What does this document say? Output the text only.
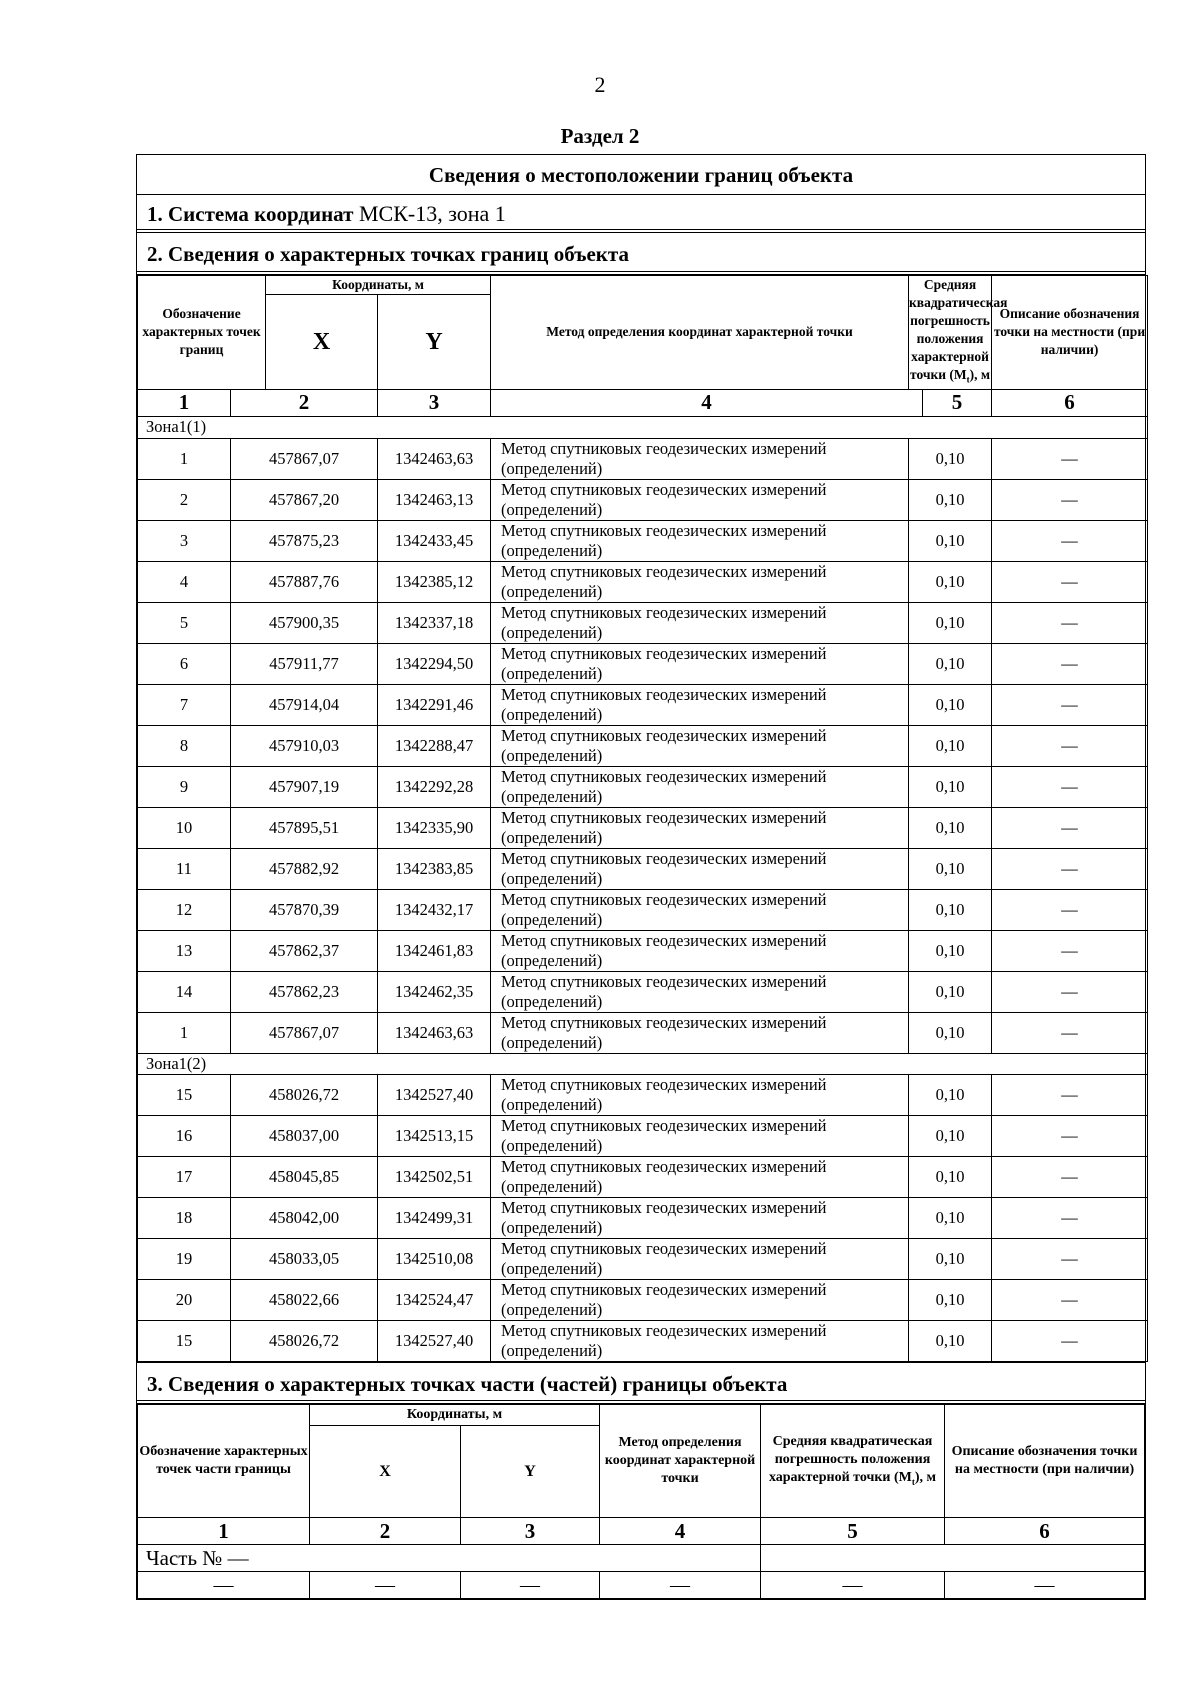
2
Раздел 2
Сведения о местоположении границ объекта
1. Система координат МСК-13, зона 1
2. Сведения о характерных точках границ объекта
Обозначение характерных точек границ		Координаты, м		Метод определения координат характерной точки	Средняя квадратическая погрешность положения характерной точки $(M_t)$, м		Описание обозначения точки на местности (при наличии)
		X	Y				
1	2		3	4		5	6
Зона1(1)							
1	457867,07		1342463,63	Метод спутниковых геодезических измерений (определений)	0,10		—
2	457867,20		1342463,13	Метод спутниковых геодезических измерений (определений)	0,10		—
3	457875,23		1342433,45	Метод спутниковых геодезических измерений (определений)	0,10		—
4	457887,76		1342385,12	Метод спутниковых геодезических измерений (определений)	0,10		—
5	457900,35		1342337,18	Метод спутниковых геодезических измерений (определений)	0,10		—
6	457911,77		1342294,50	Метод спутниковых геодезических измерений (определений)	0,10		—
7	457914,04		1342291,46	Метод спутниковых геодезических измерений (определений)	0,10		—
8	457910,03		1342288,47	Метод спутниковых геодезических измерений (определений)	0,10		—
9	457907,19		1342292,28	Метод спутниковых геодезических измерений (определений)	0,10		—
10	457895,51		1342335,90	Метод спутниковых геодезических измерений (определений)	0,10		—
11	457882,92		1342383,85	Метод спутниковых геодезических измерений (определений)	0,10		—
12	457870,39		1342432,17	Метод спутниковых геодезических измерений (определений)	0,10		—
13	457862,37		1342461,83	Метод спутниковых геодезических измерений (определений)	0,10		—
14	457862,23		1342462,35	Метод спутниковых геодезических измерений (определений)	0,10		—
1	457867,07		1342463,63	Метод спутниковых геодезических измерений (определений)	0,10		—
Зона1(2)							
15	458026,72		1342527,40	Метод спутниковых геодезических измерений (определений)	0,10		—
16	458037,00		1342513,15	Метод спутниковых геодезических измерений (определений)	0,10		—
17	458045,85		1342502,51	Метод спутниковых геодезических измерений (определений)	0,10		—
18	458042,00		1342499,31	Метод спутниковых геодезических измерений (определений)	0,10		—
19	458033,05		1342510,08	Метод спутниковых геодезических измерений (определений)	0,10		—
20	458022,66		1342524,47	Метод спутниковых геодезических измерений (определений)	0,10		—
15	458026,72		1342527,40	Метод спутниковых геодезических измерений (определений)	0,10		—
3. Сведения о характерных точках части (частей) границы объекта
Обозначение характерных точек части границы	Координаты, м		Метод определения координат характерной точки	Средняя квадратическая погрешность положения характерной точки $(M_t)$, м	Описание обозначения точки на местности (при наличии)
	X	Y			
1	2	3	4	5	6
Часть № —					
—	—	—	—	—	—
